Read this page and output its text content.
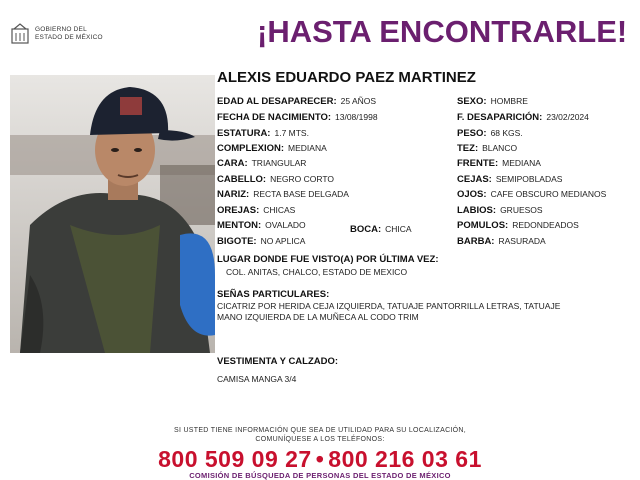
GOBIERNO DEL
ESTADO DE MÉXICO	¡HASTA ENCONTRARLE!
ALEXIS EDUARDO PAEZ MARTINEZ
EDAD AL DESAPARECER: 25 AÑOS
FECHA DE NACIMIENTO: 13/08/1998
ESTATURA: 1.7 MTS.
COMPLEXION: MEDIANA
CARA: TRIANGULAR
CABELLO: NEGRO CORTO
NARIZ: RECTA BASE DELGADA
OREJAS: CHICAS
MENTON: OVALADO	BOCA: CHICA
BIGOTE: NO APLICA
SEXO: HOMBRE
F. DESAPARICIÓN: 23/02/2024
PESO: 68 KGS.
TEZ: BLANCO
FRENTE: MEDIANA
CEJAS: SEMIPOBLADAS
OJOS: CAFE OBSCURO MEDIANOS
LABIOS: GRUESOS
POMULOS: REDONDEADOS
BARBA: RASURADA
LUGAR DONDE FUE VISTO(A) POR ÚLTIMA VEZ:
COL. ANITAS, CHALCO, ESTADO DE MEXICO
SEÑAS PARTICULARES:
CICATRIZ POR HERIDA CEJA IZQUIERDA, TATUAJE PANTORRILLA LETRAS, TATUAJE
MANO IZQUIERDA DE LA MUÑECA AL CODO TRIM
VESTIMENTA Y CALZADO:
CAMISA MANGA 3/4
SI USTED TIENE INFORMACIÓN QUE SEA DE UTILIDAD PARA SU LOCALIZACIÓN,
COMUNÍQUESE A LOS TELÉFONOS:
800 509 09 27 • 800 216 03 61
COMISIÓN DE BÚSQUEDA DE PERSONAS DEL ESTADO DE MÉXICO
